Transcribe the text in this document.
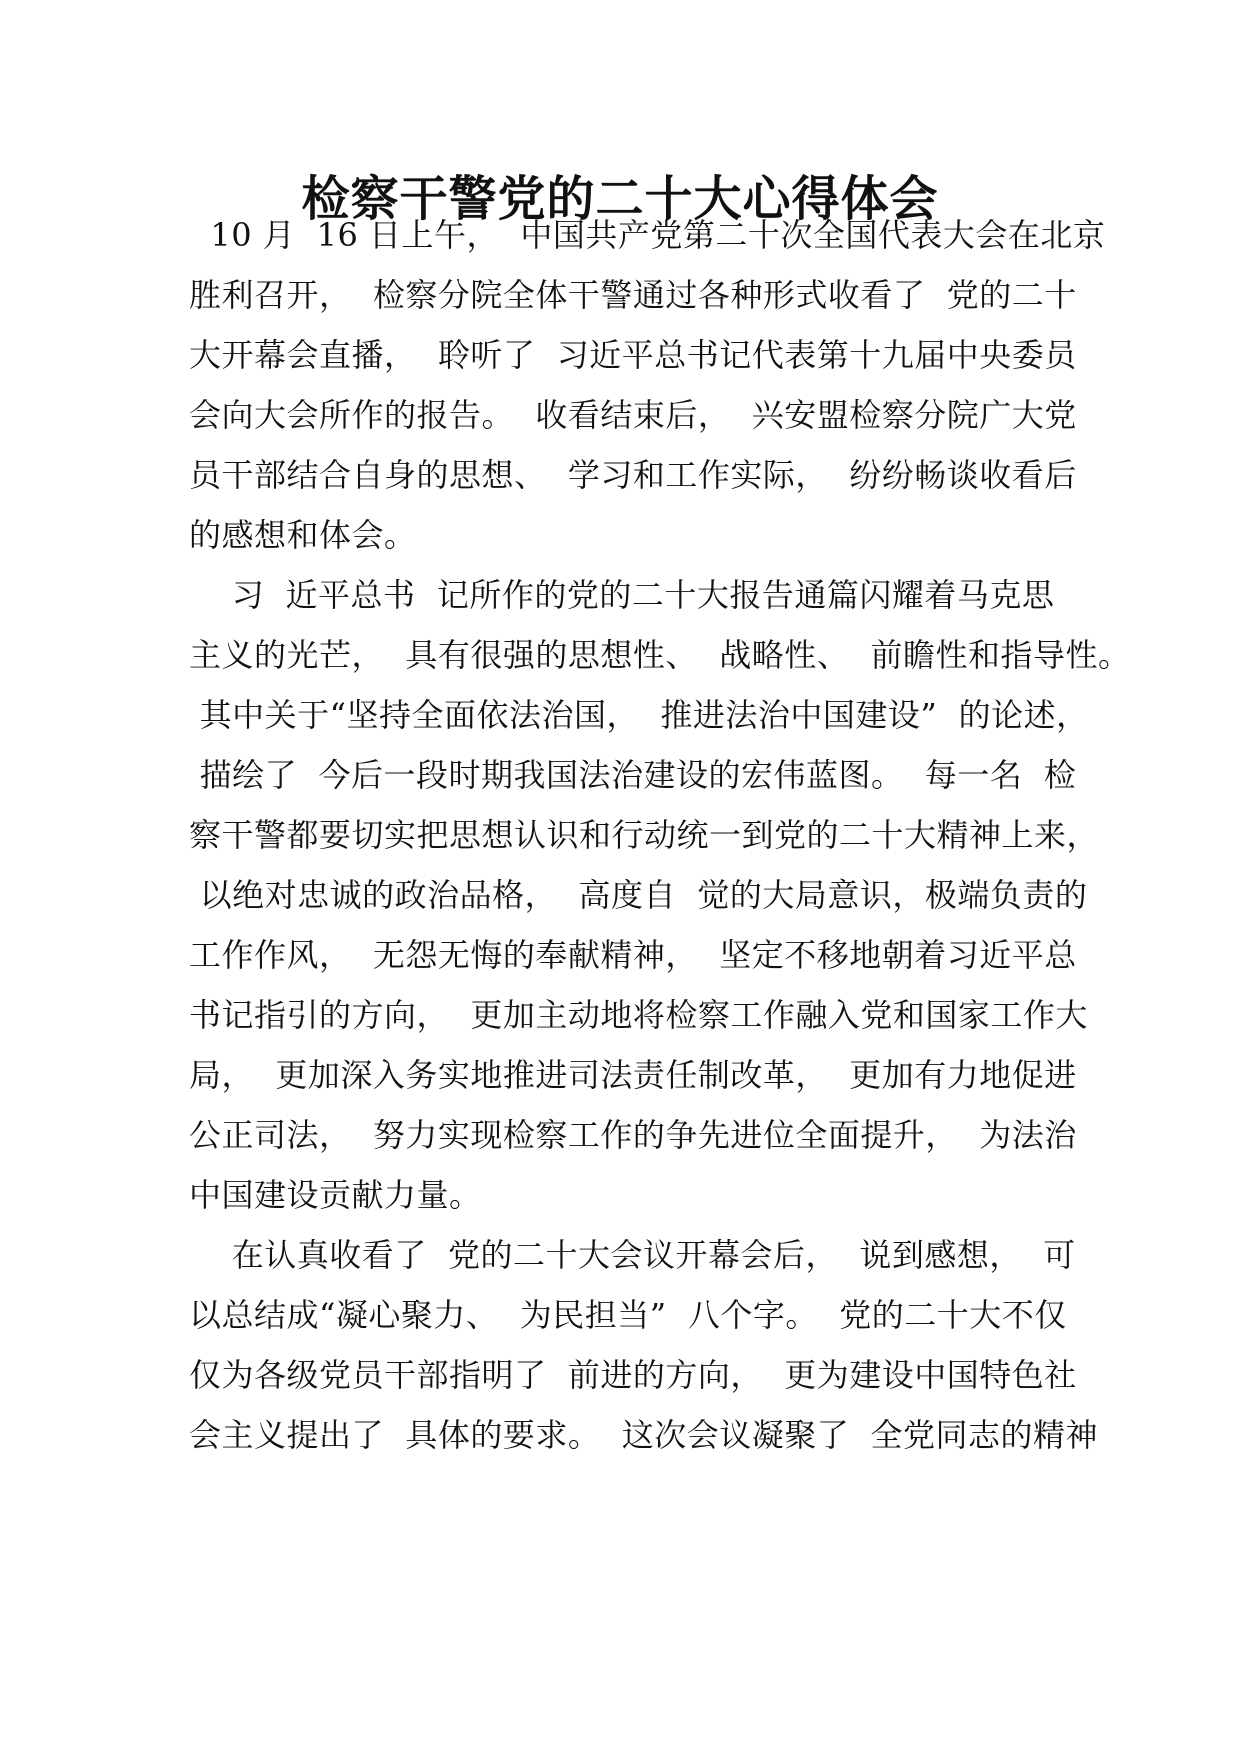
检察干警党的二十大心得体会
10 月  16 日上午，  中国共产党第二十次全国代表大会在北京
胜利召开，  检察分院全体干警通过各种形式收看了  党的二十
大开幕会直播，  聆听了  习近平总书记代表第十九届中央委员
会向大会所作的报告。  收看结束后，  兴安盟检察分院广大党
员干部结合自身的思想、  学习和工作实际，  纷纷畅谈收看后
的感想和体会。
习  近平总书  记所作的党的二十大报告通篇闪耀着马克思
主义的光芒，  具有很强的思想性、  战略性、  前瞻性和指导性。
其中关于“坚持全面依法治国，  推进法治中国建设”  的论述，
描绘了  今后一段时期我国法治建设的宏伟蓝图。  每一名  检
察干警都要切实把思想认识和行动统一到党的二十大精神上来，
以绝对忠诚的政治品格，  高度自  觉的大局意识，极端负责的
工作作风，  无怨无悔的奉献精神，  坚定不移地朝着习近平总
书记指引的方向，  更加主动地将检察工作融入党和国家工作大
局，  更加深入务实地推进司法责任制改革，  更加有力地促进
公正司法，  努力实现检察工作的争先进位全面提升，  为法治
中国建设贡献力量。
在认真收看了  党的二十大会议开幕会后，  说到感想，  可
以总结成“凝心聚力、  为民担当”  八个字。  党的二十大不仅
仅为各级党员干部指明了  前进的方向，  更为建设中国特色社
会主义提出了  具体的要求。  这次会议凝聚了  全党同志的精神
